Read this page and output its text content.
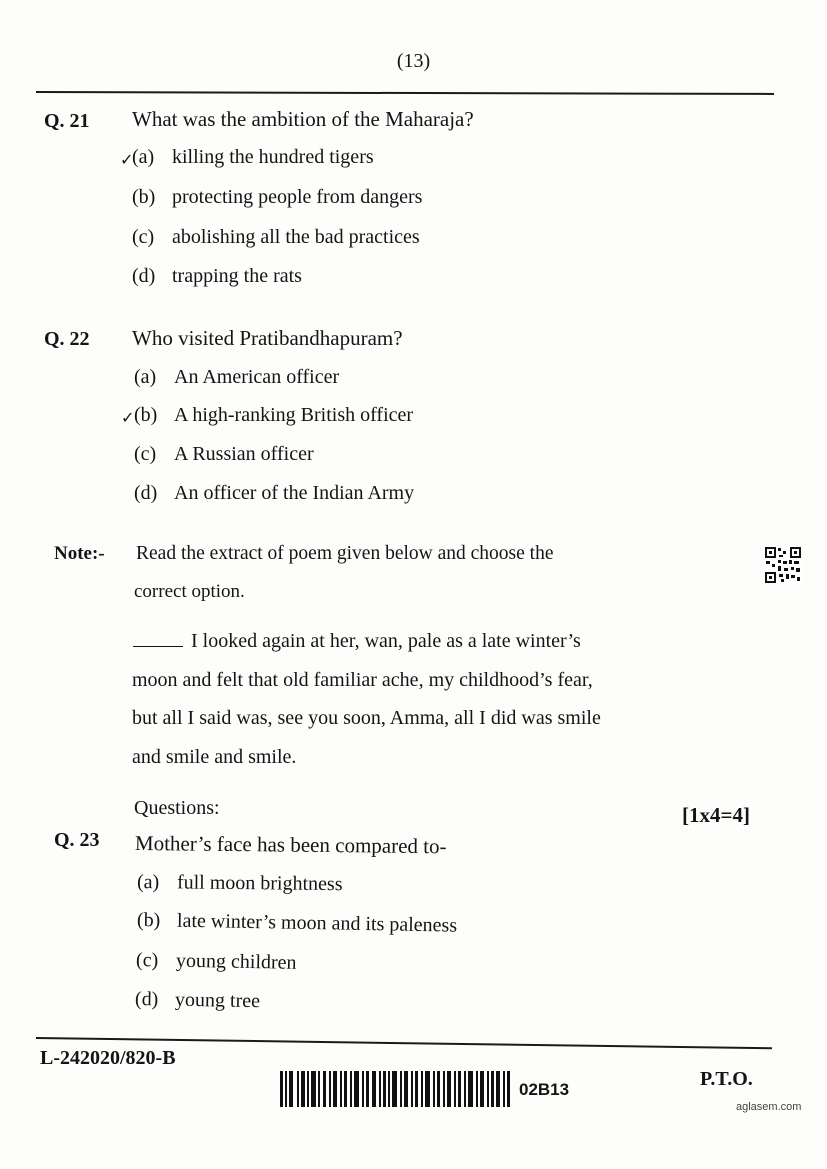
(13)
Q. 21 What was the ambition of the Maharaja?
✓
(a) killing the hundred tigers
(b) protecting people from dangers
(c) abolishing all the bad practices
(d) trapping the rats
Q. 22 Who visited Pratibandhapuram?
(a) An American officer
✓ (b) A high-ranking British officer
(c) A Russian officer
(d) An officer of the Indian Army
Note:- Read the extract of poem given below and choose the
correct option.
I looked again at her, wan, pale as a late winter’s
moon and felt that old familiar ache, my childhood’s fear,
but all I said was, see you soon, Amma, all I did was smile
and smile and smile.
Questions:	[1x4=4]
Q. 23 Mother’s face has been compared to-
(a) full moon brightness
(b) late winter’s moon and its paleness
(c) young children
(d) young tree
L-242020/820-B
02B13	P.T.O.
aglasem.com
